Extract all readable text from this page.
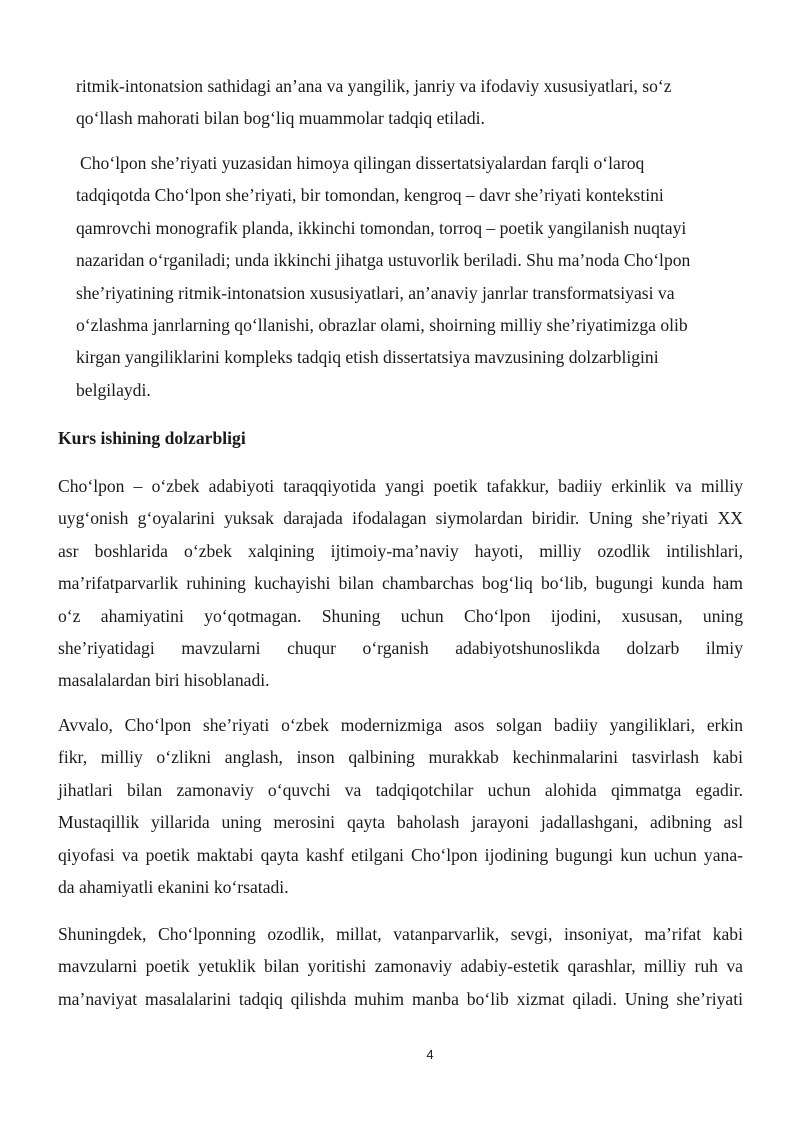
ritmik-intonatsion sathidagi an’ana va yangilik, janriy va ifodaviy xususiyatlari, so‘z
qo‘llash mahorati bilan bog‘liq muammolar tadqiq etiladi.
Cho‘lpon she’riyati yuzasidan himoya qilingan dissertatsiyalardan farqli o‘laroq
tadqiqotda Cho‘lpon she’riyati, bir tomondan, kengroq – davr she’riyati kontekstini
qamrovchi monografik planda, ikkinchi tomondan, torroq – poetik yangilanish nuqtayi
nazaridan o‘rganiladi; unda ikkinchi jihatga ustuvorlik beriladi. Shu ma’noda Cho‘lpon
she’riyatining ritmik-intonatsion xususiyatlari, an’anaviy janrlar transformatsiyasi va
o‘zlashma janrlarning qo‘llanishi, obrazlar olami, shoirning milliy she’riyatimizga olib
kirgan yangiliklarini kompleks tadqiq etish dissertatsiya mavzusining dolzarbligini
belgilaydi.
Kurs ishining dolzarbligi
Cho‘lpon – o‘zbek adabiyoti taraqqiyotida yangi poetik tafakkur, badiiy erkinlik va milliy
uyg‘onish g‘oyalarini yuksak darajada ifodalagan siymolardan biridir. Uning she’riyati XX
asr boshlarida o‘zbek xalqining ijtimoiy-ma’naviy hayoti, milliy ozodlik intilishlari,
ma’rifatparvarlik ruhining kuchayishi bilan chambarchas bog‘liq bo‘lib, bugungi kunda ham
o‘z ahamiyatini yo‘qotmagan. Shuning uchun Cho‘lpon ijodini, xususan, uning
she’riyatidagi mavzularni chuqur o‘rganish adabiyotshunoslikda dolzarb ilmiy
masalalardan biri hisoblanadi.
Avvalo, Cho‘lpon she’riyati o‘zbek modernizmiga asos solgan badiiy yangiliklari, erkin
fikr, milliy o‘zlikni anglash, inson qalbining murakkab kechinmalarini tasvirlash kabi
jihatlari bilan zamonaviy o‘quvchi va tadqiqotchilar uchun alohida qimmatga egadir.
Mustaqillik yillarida uning merosini qayta baholash jarayoni jadallashgani, adibning asl
qiyofasi va poetik maktabi qayta kashf etilgani Cho‘lpon ijodining bugungi kun uchun yana-
da ahamiyatli ekanini ko‘rsatadi.
Shuningdek, Cho‘lponning ozodlik, millat, vatanparvarlik, sevgi, insoniyat, ma’rifat kabi
mavzularni poetik yetuklik bilan yoritishi zamonaviy adabiy-estetik qarashlar, milliy ruh va
ma’naviyat masalalarini tadqiq qilishda muhim manba bo‘lib xizmat qiladi. Uning she’riyati
4
